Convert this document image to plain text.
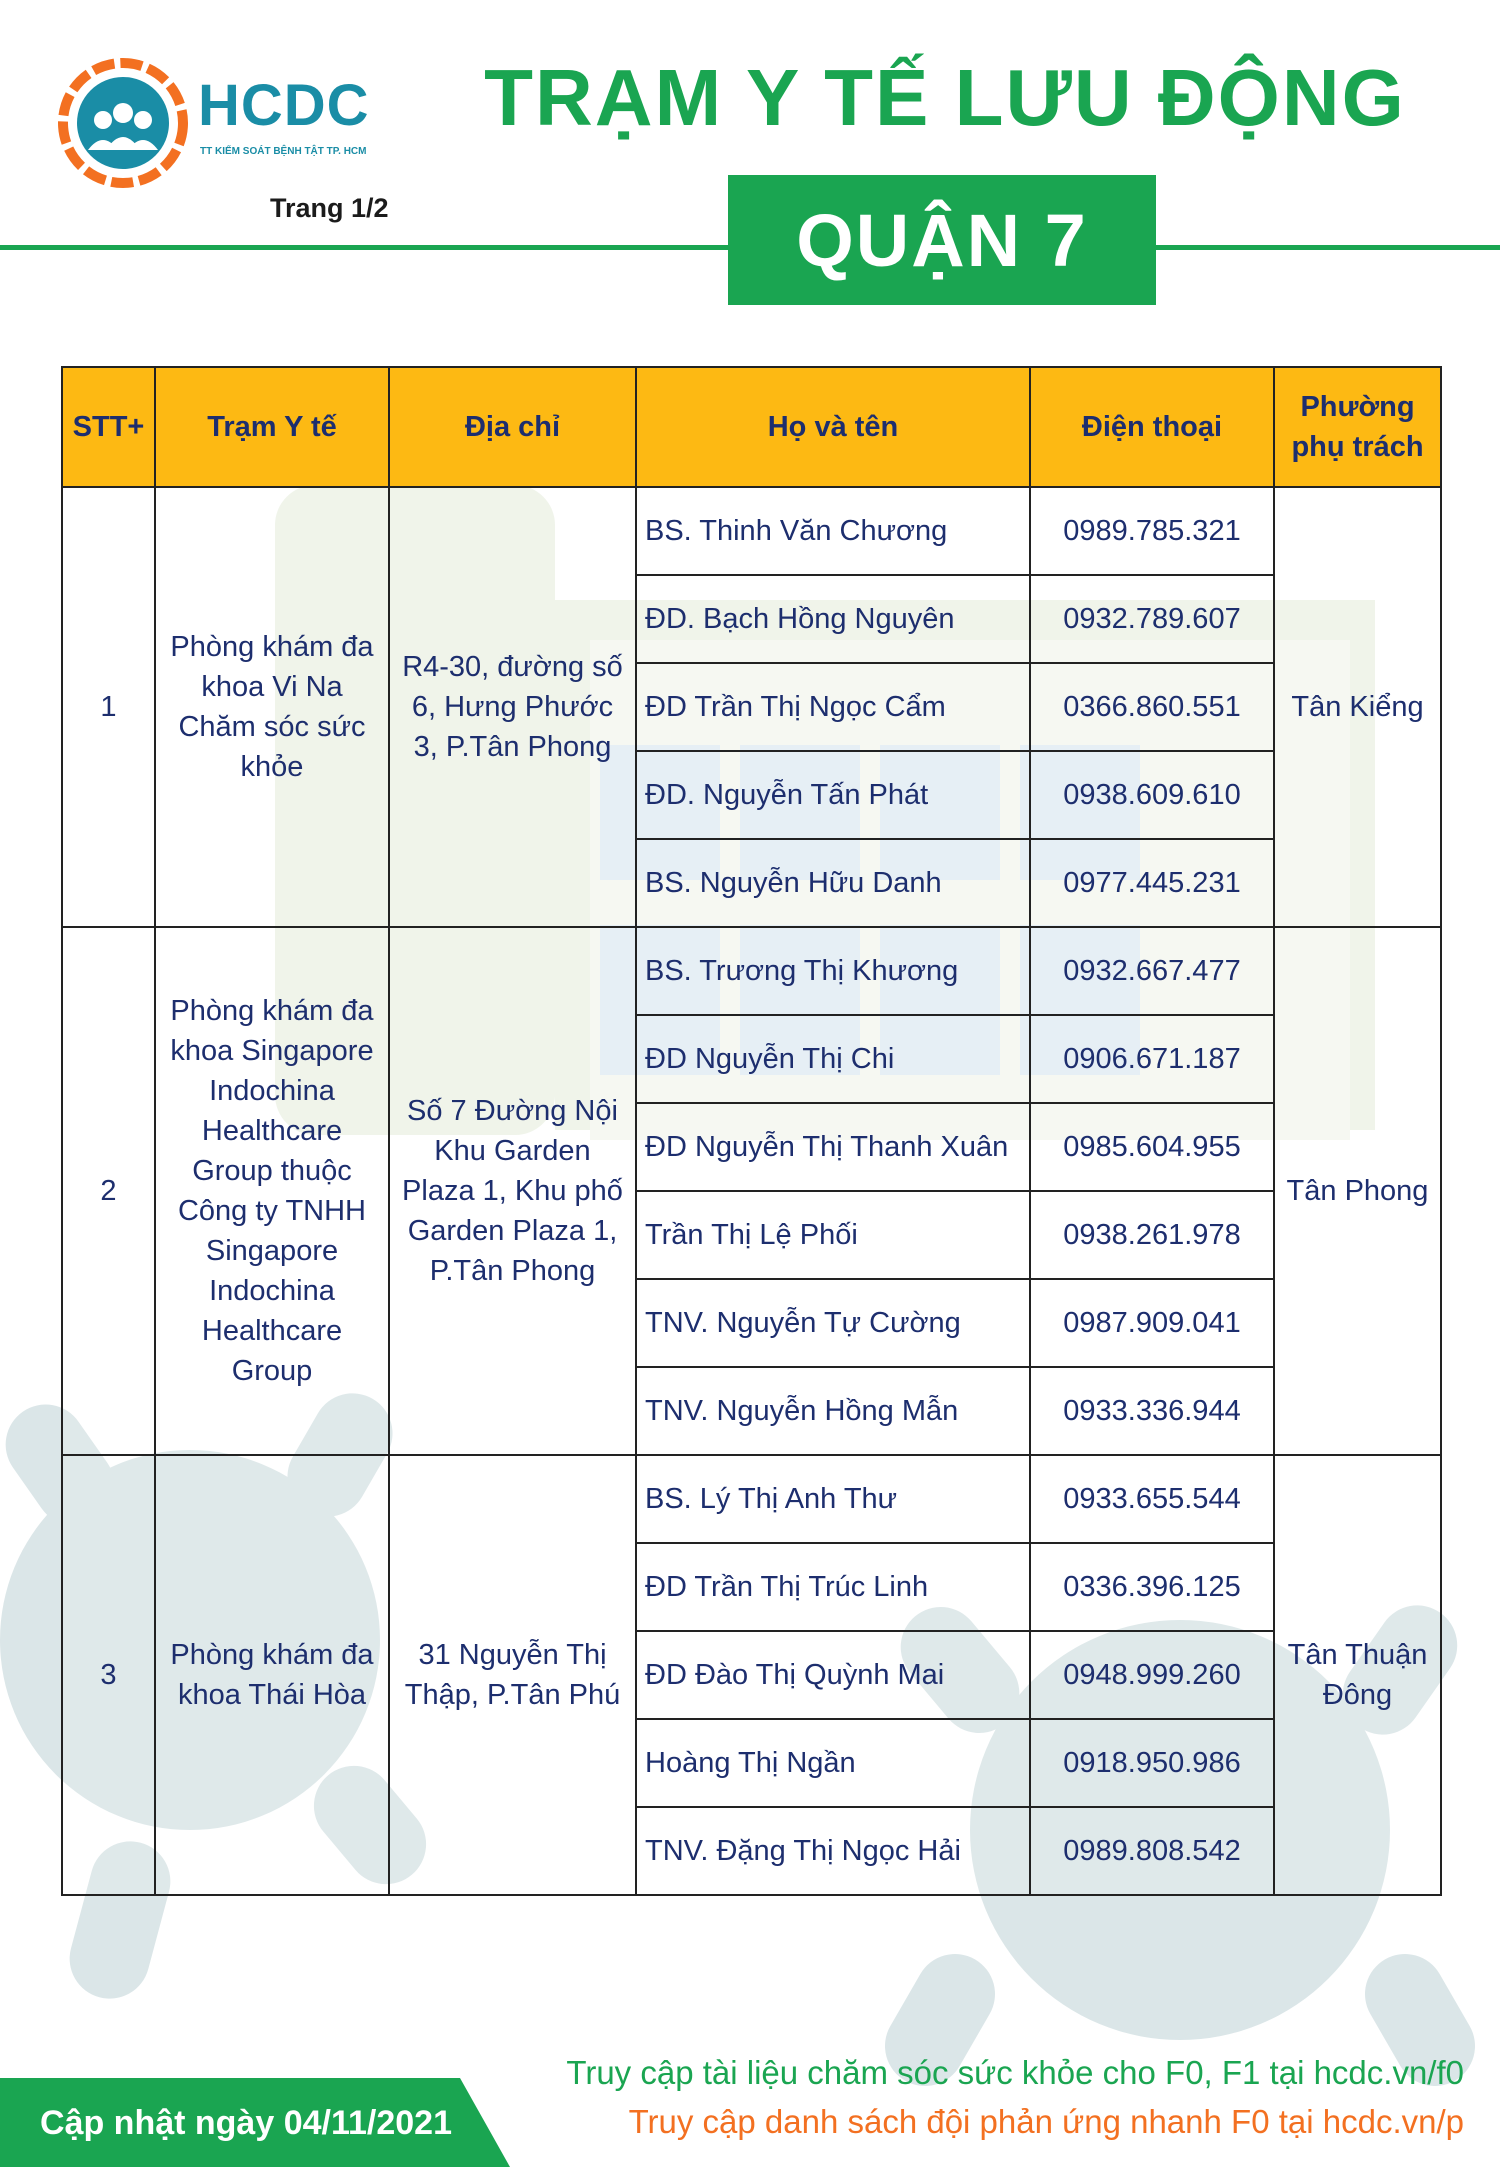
HCDC
TT KIỂM SOÁT BỆNH TẬT TP. HCM
Trang 1/2
TRẠM Y TẾ LƯU ĐỘNG
QUẬN 7
STT+	Trạm Y tế	Địa chỉ	Họ và tên	Điện thoại	Phường phụ trách
1	Phòng khám đa khoa Vi Na Chăm sóc sức khỏe	R4-30, đường số 6, Hưng Phước 3, P.Tân Phong	BS. Thinh Văn Chương	0989.785.321	Tân Kiểng
			ĐD. Bạch Hồng Nguyên	0932.789.607	
			ĐD Trần Thị Ngọc Cẩm	0366.860.551	
			ĐD. Nguyễn Tấn Phát	0938.609.610	
			BS. Nguyễn Hữu Danh	0977.445.231	
2	Phòng khám đa khoa Singapore Indochina Healthcare Group thuộc Công ty TNHH Singapore Indochina Healthcare Group	Số 7 Đường Nội Khu Garden Plaza 1, Khu phố Garden Plaza 1, P.Tân Phong	BS. Trương Thị Khương	0932.667.477	Tân Phong
			ĐD Nguyễn Thị Chi	0906.671.187	
			ĐD Nguyễn Thị Thanh Xuân	0985.604.955	
			Trần Thị Lệ Phối	0938.261.978	
			TNV. Nguyễn Tự Cường	0987.909.041	
			TNV. Nguyễn Hồng Mẫn	0933.336.944	
3	Phòng khám đa khoa Thái Hòa	31 Nguyễn Thị Thập, P.Tân Phú	BS. Lý Thị Anh Thư	0933.655.544	Tân Thuận Đông
			ĐD Trần Thị Trúc Linh	0336.396.125	
			ĐD Đào Thị Quỳnh Mai	0948.999.260	
			Hoàng Thị Ngần	0918.950.986	
			TNV. Đặng Thị Ngọc Hải	0989.808.542	
Cập nhật ngày 04/11/2021
Truy cập tài liệu chăm sóc sức khỏe cho F0, F1 tại hcdc.vn/f0
Truy cập danh sách đội phản ứng nhanh F0 tại hcdc.vn/p
